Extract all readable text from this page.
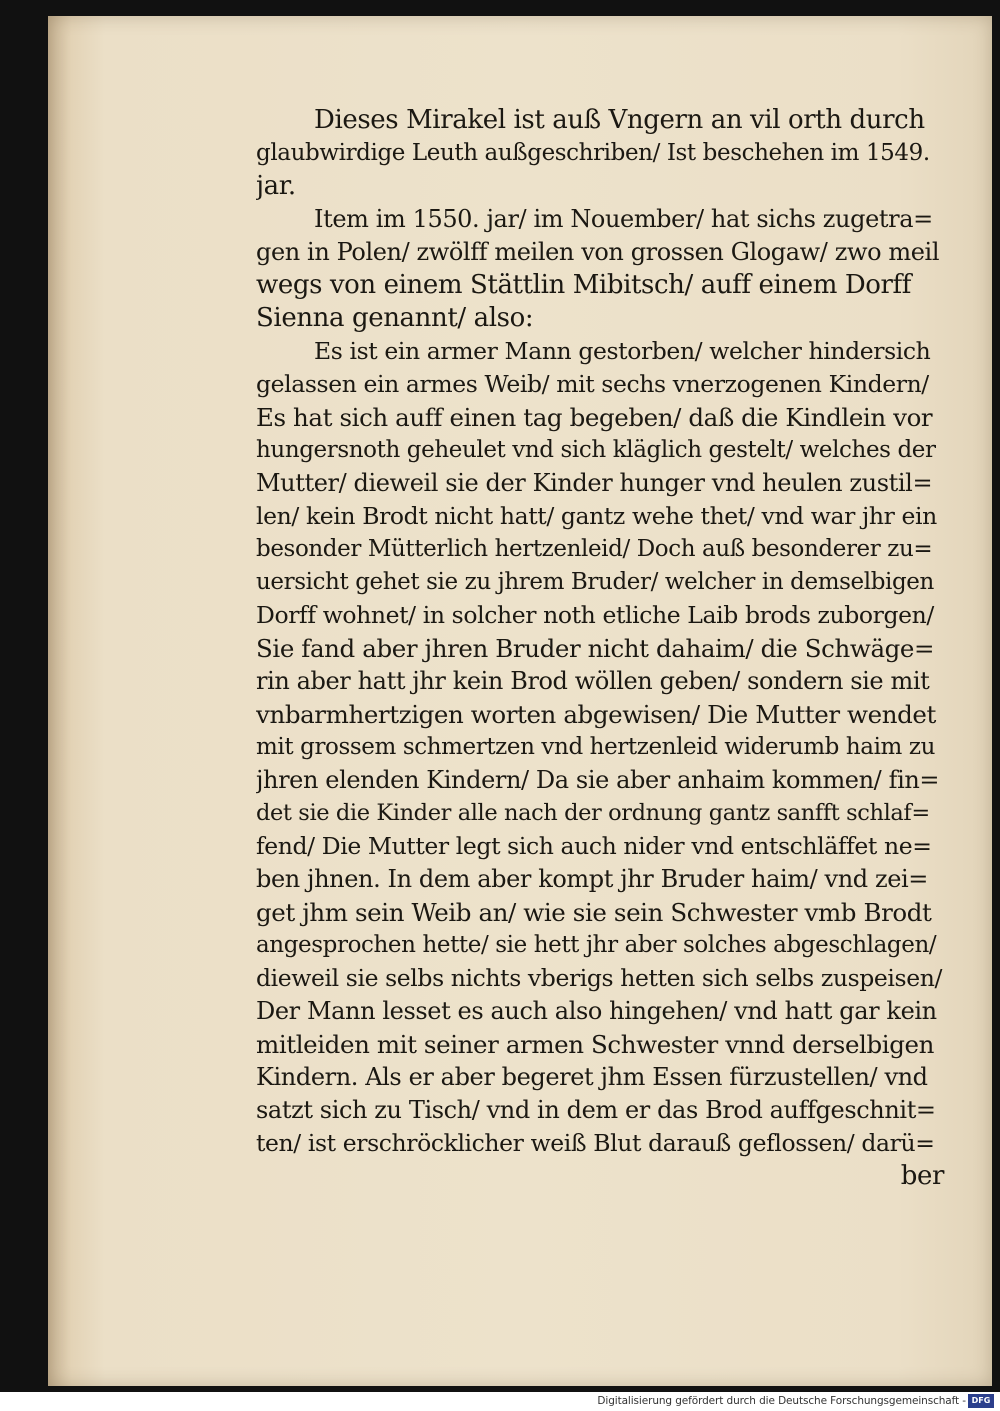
Dieses Mirakel ist auß Vngern an vil orth durch
glaubwirdige Leuth außgeschriben/ Ist beschehen im 1549.
jar.
Item im 1550. jar/ im Nouember/ hat sichs zugetra=
gen in Polen/ zwölff meilen von grossen Glogaw/ zwo meil
wegs von einem Stättlin Mibitsch/ auff einem Dorff
Sienna genannt/ also:
Es ist ein armer Mann gestorben/ welcher hindersich
gelassen ein armes Weib/ mit sechs vnerzogenen Kindern/
Es hat sich auff einen tag begeben/ daß die Kindlein vor
hungersnoth geheulet vnd sich kläglich gestelt/ welches der
Mutter/ dieweil sie der Kinder hunger vnd heulen zustil=
len/ kein Brodt nicht hatt/ gantz wehe thet/ vnd war jhr ein
besonder Mütterlich hertzenleid/ Doch auß besonderer zu=
uersicht gehet sie zu jhrem Bruder/ welcher in demselbigen
Dorff wohnet/ in solcher noth etliche Laib brods zuborgen/
Sie fand aber jhren Bruder nicht dahaim/ die Schwäge=
rin aber hatt jhr kein Brod wöllen geben/ sondern sie mit
vnbarmhertzigen worten abgewisen/ Die Mutter wendet
mit grossem schmertzen vnd hertzenleid widerumb haim zu
jhren elenden Kindern/ Da sie aber anhaim kommen/ fin=
det sie die Kinder alle nach der ordnung gantz sanfft schlaf=
fend/ Die Mutter legt sich auch nider vnd entschläffet ne=
ben jhnen. In dem aber kompt jhr Bruder haim/ vnd zei=
get jhm sein Weib an/ wie sie sein Schwester vmb Brodt
angesprochen hette/ sie hett jhr aber solches abgeschlagen/
dieweil sie selbs nichts vberigs hetten sich selbs zuspeisen/
Der Mann lesset es auch also hingehen/ vnd hatt gar kein
mitleiden mit seiner armen Schwester vnnd derselbigen
Kindern. Als er aber begeret jhm Essen fürzustellen/ vnd
satzt sich zu Tisch/ vnd in dem er das Brod auffgeschnit=
ten/ ist erschröcklicher weiß Blut darauß geflossen/ darü=
ber
Digitalisierung gefördert durch die Deutsche Forschungsgemeinschaft - DFG
